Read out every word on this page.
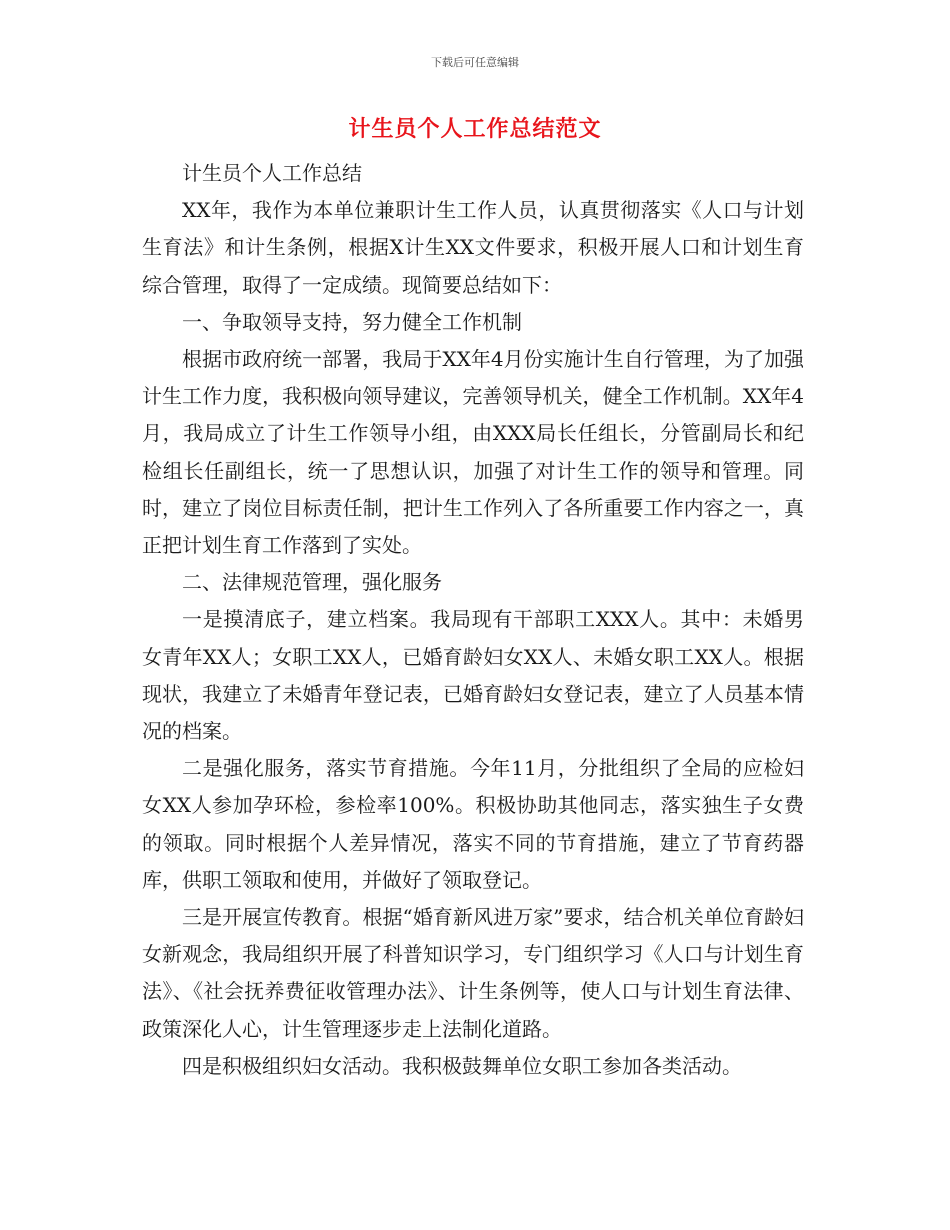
下载后可任意编辑
计生员个人工作总结范文

计生员个人工作总结

XX年，我作为本单位兼职计生工作人员，认真贯彻落实《人口与计划生育法》和计生条例，根据X计生XX文件要求，积极开展人口和计划生育综合管理，取得了一定成绩。现简要总结如下：

一、争取领导支持，努力健全工作机制

根据市政府统一部署，我局于XX年4月份实施计生自行管理，为了加强计生工作力度，我积极向领导建议，完善领导机关，健全工作机制。XX年4月，我局成立了计生工作领导小组，由XXX局长任组长，分管副局长和纪检组长任副组长，统一了思想认识，加强了对计生工作的领导和管理。同时，建立了岗位目标责任制，把计生工作列入了各所重要工作内容之一，真正把计划生育工作落到了实处。

二、法律规范管理，强化服务

一是摸清底子，建立档案。我局现有干部职工XXX人。其中：未婚男女青年XX人；女职工XX人，已婚育龄妇女XX人、未婚女职工XX人。根据现状，我建立了未婚青年登记表，已婚育龄妇女登记表，建立了人员基本情况的档案。

二是强化服务，落实节育措施。今年11月，分批组织了全局的应检妇女XX人参加孕环检，参检率100%。积极协助其他同志，落实独生子女费的领取。同时根据个人差异情况，落实不同的节育措施，建立了节育药器库，供职工领取和使用，并做好了领取登记。

三是开展宣传教育。根据“婚育新风进万家”要求，结合机关单位育龄妇女新观念，我局组织开展了科普知识学习，专门组织学习《人口与计划生育法》、《社会抚养费征收管理办法》、计生条例等，使人口与计划生育法律、政策深化人心，计生管理逐步走上法制化道路。

四是积极组织妇女活动。我积极鼓舞单位女职工参加各类活动。
